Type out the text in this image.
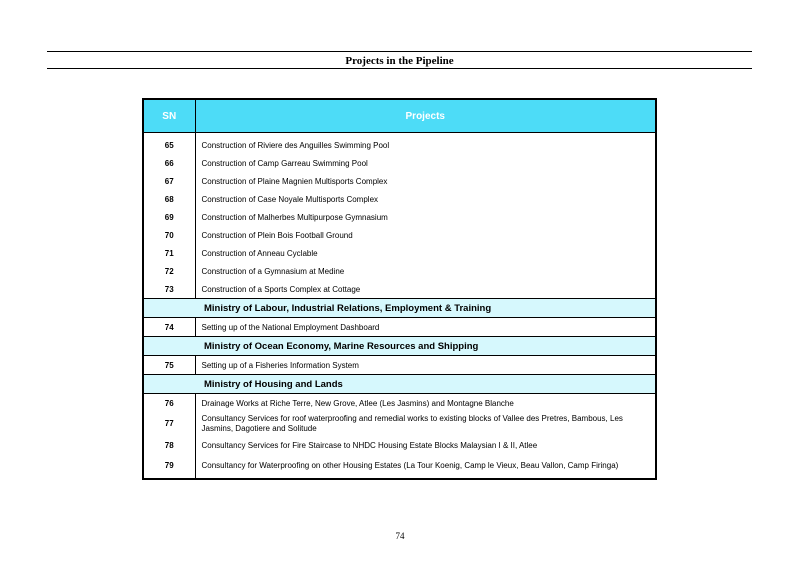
Projects in the Pipeline
SN	Projects
65	Construction of Riviere des Anguilles Swimming Pool
66	Construction of Camp Garreau Swimming Pool
67	Construction of Plaine Magnien Multisports Complex
68	Construction of Case Noyale Multisports Complex
69	Construction of Malherbes Multipurpose Gymnasium
70	Construction of Plein Bois Football Ground
71	Construction of Anneau Cyclable
72	Construction of a Gymnasium at Medine
73	Construction of a Sports Complex at Cottage
Ministry of Labour, Industrial Relations, Employment & Training	
74	Setting up of the National Employment Dashboard
Ministry of Ocean Economy, Marine Resources and Shipping	
75	Setting up of a Fisheries Information System
Ministry of Housing and Lands	
76	Drainage Works at Riche Terre, New Grove, Atlee (Les Jasmins) and Montagne Blanche
77	Consultancy Services for roof waterproofing and remedial works to existing blocks of Vallee des Pretres, Bambous, Les Jasmins, Dagotiere and Solitude
78	Consultancy Services for Fire Staircase to NHDC Housing Estate Blocks Malaysian I & II, Atlee
79	Consultancy for Waterproofing on other Housing Estates (La Tour Koenig, Camp le Vieux, Beau Vallon, Camp Firinga)
74
